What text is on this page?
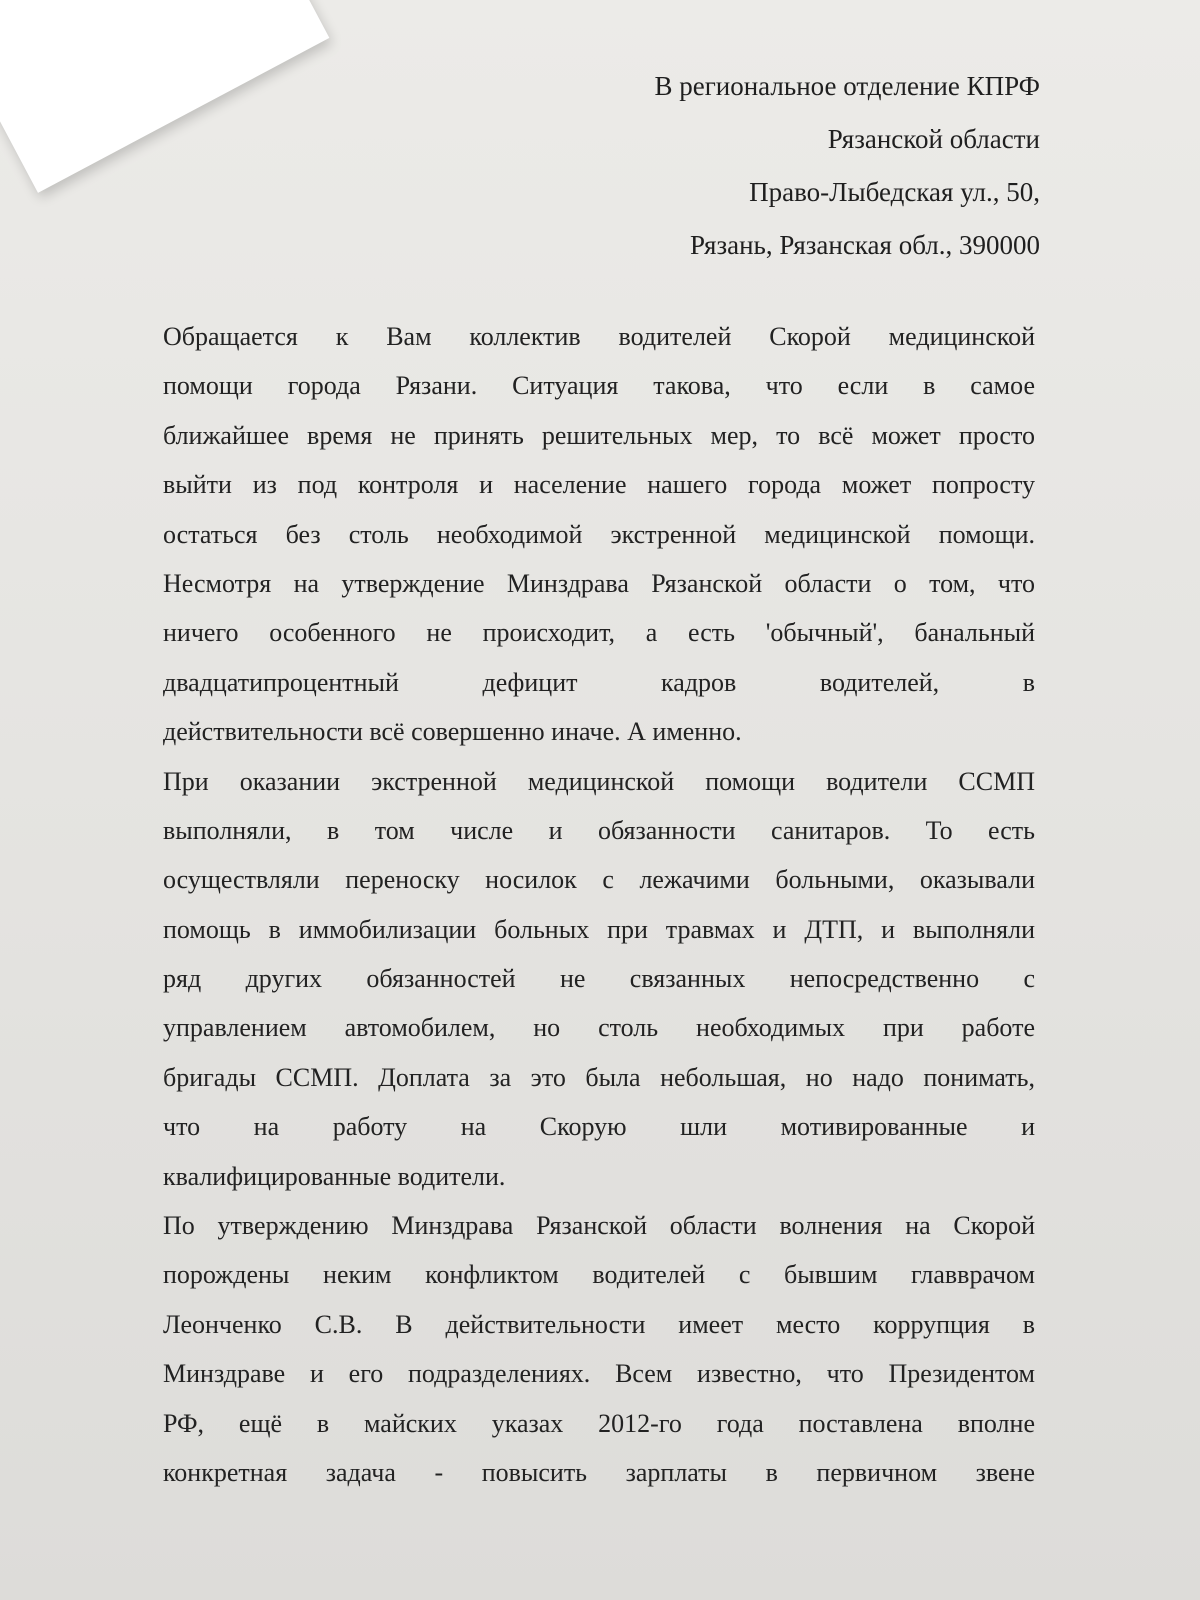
В региональное отделение КПРФ
Рязанской области
Право-Лыбедская ул., 50,
Рязань, Рязанская обл., 390000
Обращается к Вам коллектив водителей Скорой медицинской
помощи города Рязани. Ситуация такова, что если в самое
ближайшее время не принять решительных мер, то всё может просто
выйти из под контроля и население нашего города может попросту
остаться без столь необходимой экстренной медицинской помощи.
Несмотря на утверждение Минздрава Рязанской области о том, что
ничего особенного не происходит, а есть 'обычный', банальный
двадцатипроцентный дефицит кадров водителей, в
действительности всё совершенно иначе. А именно.
При оказании экстренной медицинской помощи водители ССМП
выполняли, в том числе и обязанности санитаров. То есть
осуществляли переноску носилок с лежачими больными, оказывали
помощь в иммобилизации больных при травмах и ДТП, и выполняли
ряд других обязанностей не связанных непосредственно с
управлением автомобилем, но столь необходимых при работе
бригады ССМП. Доплата за это была небольшая, но надо понимать,
что на работу на Скорую шли мотивированные и
квалифицированные водители.
По утверждению Минздрава Рязанской области волнения на Скорой
порождены неким конфликтом водителей с бывшим главврачом
Леонченко С.В. В действительности имеет место коррупция в
Минздраве и его подразделениях. Всем известно, что Президентом
РФ, ещё в майских указах 2012-го года поставлена вполне
конкретная задача - повысить зарплаты в первичном звене
